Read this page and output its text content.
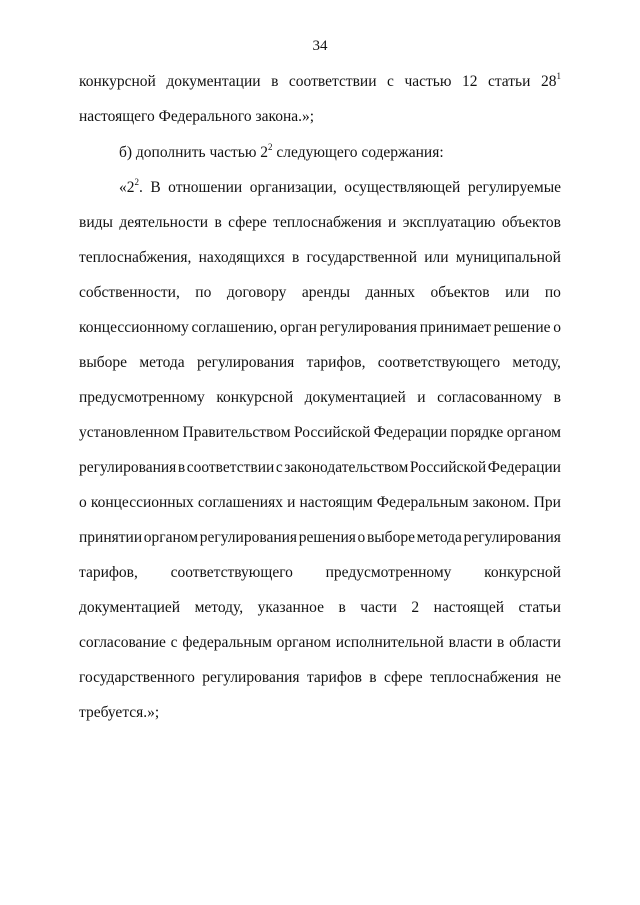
34
конкурсной документации в соответствии с частью 12 статьи $28^1$
настоящего Федерального закона.»;
б) дополнить частью $2^2$ следующего содержания:
«$2^2$. В отношении организации, осуществляющей регулируемые
виды деятельности в сфере теплоснабжения и эксплуатацию объектов
теплоснабжения, находящихся в государственной или муниципальной
собственности, по договору аренды данных объектов или по
концессионному соглашению, орган регулирования принимает решение о
выборе метода регулирования тарифов, соответствующего методу,
предусмотренному конкурсной документацией и согласованному в
установленном Правительством Российской Федерации порядке органом
регулирования в соответствии с законодательством Российской Федерации
о концессионных соглашениях и настоящим Федеральным законом. При
принятии органом регулирования решения о выборе метода регулирования
тарифов, соответствующего предусмотренному конкурсной
документацией методу, указанное в части 2 настоящей статьи
согласование с федеральным органом исполнительной власти в области
государственного регулирования тарифов в сфере теплоснабжения не
требуется.»;
